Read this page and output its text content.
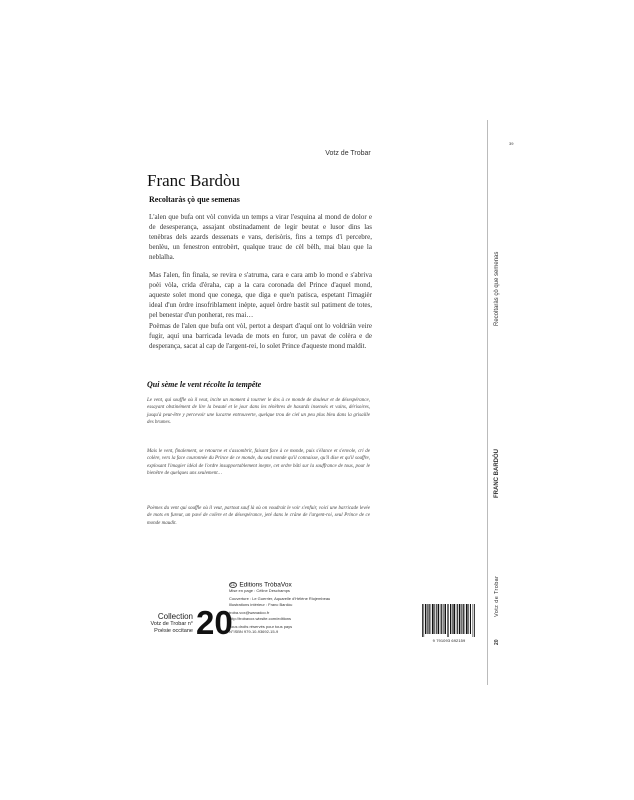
Votz de Trobar
39
Franc Bardòu
Recoltaràs çò que semenas

L'alen que bufa ont vòl convida un temps a virar l'esquina al mond de dolor e de desesperança, assajant obstinadament de legir beutat e lusor dins las tenèbras dels azards dessenats e vans, derisòris, fins a temps d'i percebre, benlèu, un fenestron entrobèrt, qualque trauc de cèl bèlh, mai blau que la neblalha.

Mas l'alen, fin finala, se revira e s'atruma, cara e cara amb lo mond e s'abriva poèi vòla, crida d'èraha, cap a la cara coronada del Prince d'aquel mond, aqueste solet mond que conega, que diga e que'n patisca, espetant l'imagièr ideal d'un òrdre insofriblament inèpte, aquel òrdre bastit sul patiment de totes, pel benestar d'un ponherat, res mai…

Poèmas de l'alen que bufa ont vòl, pertot a despart d'aquí ont lo voldrián veire fugir, aquí una barricada levada de mots en furor, un pavat de colèra e de desperança, sacat al cap de l'argent-rei, lo solet Prince d'aqueste mond maldit.

Qui sème le vent récolte la tempête

Le vent, qui souffle où il veut, incite un moment à tourner le dos à ce monde de douleur et de désespérance, essayant obstinément de lire la beauté et le jour dans les ténèbres de hasards insensés et vains, dérisoires, jusqu'à peut-être y percevoir une lucarne entrouverte, quelque trou de ciel un peu plus bleu dans la grisaille des brumes.

Mais le vent, finalement, se retourne et s'assombrit, faisant face à ce monde, puis s'élance et s'envole, cri de colère, vers la face couronnée du Prince de ce monde, du seul monde qu'il connaisse, qu'il dise et qu'il souffre, explosant l'imagier idéal de l'ordre insupportablement inepte, cet ordre bâti sur la souffrance de tous, pour le bienêtre de quelques uns seulement…

Poèmes du vent qui souffle où il veut, partout sauf là où on voudrait le voir s'enfuir, voici une barricade levée de mots en fureur, un pavé de colère et de désespérance, jeté dans le crâne de l'argent-roi, seul Prince de ce monde maudit.

cc Editions TròbaVox
Mise en page : Céline Deschamps
Couverture : Le Guerrier, Aquarelle d'Hélène Riojembeau
Illustrations intérieur : Franc Bardòu
troba.vox@wanadoo.fr
http://trobavox.wixsite.com/editions
Tous droits réservés pour tous pays
N°ISBN 979-10-93692-15-9
Collection
Votz de Trobar n°
Poésie occitane 20	9 791093 692159
Recoltaràs çò que semenas
FRANC BARDÒU
Votz de Trobar
20
